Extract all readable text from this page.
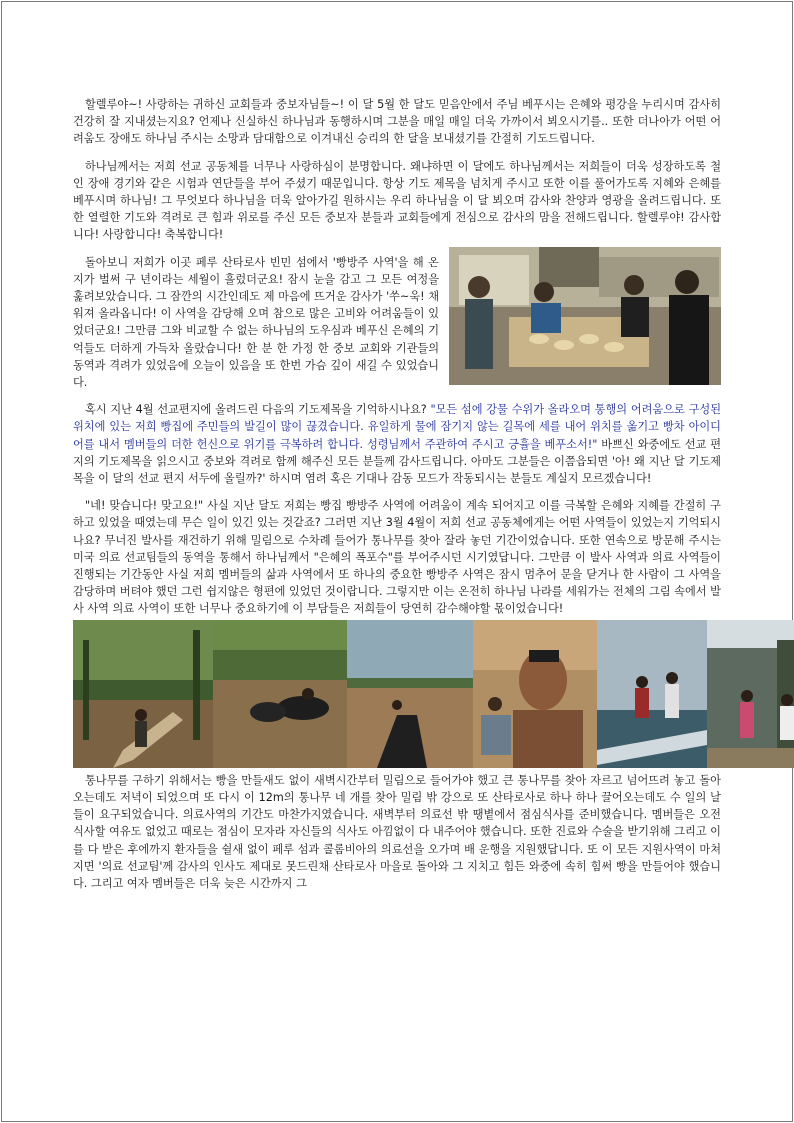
할렐루야~! 사랑하는 귀하신 교회들과 중보자님들~! 이 달 5월 한 달도 믿음안에서 주님 베푸시는 은혜와 평강을 누리시며 감사히 건강히 잘 지내셨는지요? 언제나 신실하신 하나님과 동행하시며 그분을 매일 매일 더욱 가까이서 뵈오시기를.. 또한 더나아가 어떤 어려움도 장애도 하나님 주시는 소망과 담대함으로 이겨내신 승리의 한 달을 보내셨기를 간절히 기도드립니다.

하나님께서는 저희 선교 공동체를 너무나 사랑하심이 분명합니다. 왜냐하면 이 달에도 하나님께서는 저희들이 더욱 성장하도록 철인 장애 경기와 같은 시험과 연단들을 부어 주셨기 때문입니다. 항상 기도 제목을 넘치게 주시고 또한 이를 풀어가도록 지혜와 은혜를 베푸시며 하나님! 그 무엇보다 하나님을 더욱 알아가길 원하시는 우리 하나님을 이 달 뵈오며 감사와 찬양과 영광을 올려드립니다. 또한 열렬한 기도와 격려로 큰 힘과 위로를 주신 모든 중보자 분들과 교회들에게 전심으로 감사의 맘을 전해드립니다. 할렐루야! 감사합니다! 사랑합니다! 축복합니다!

돌아보니 저희가 이곳 페루 산타로사 빈민 섬에서 '빵방주 사역'을 해 온지가 벌써 구 년이라는 세월이 흘렀더군요! 잠시 눈을 감고 그 모든 여정을 훑려보았습니다. 그 잠깐의 시간인데도 제 마음에 뜨거운 감사가 '쑤~욱! 채워져 올라옵니다! 이 사역을 감당해 오며 참으로 많은 고비와 어려움들이 있었더군요! 그만큼 그와 비교할 수 없는 하나님의 도우심과 베푸신 은혜의 기억들도 더하게 가득차 올랐습니다! 한 분 한 가정 한 중보 교회와 기관들의 동역과 격려가 있었음에 오늘이 있음을 또 한번 가슴 깊이 새길 수 있었습니다.

혹시 지난 4월 선교편지에 올려드린 다음의 기도제목을 기억하시나요? "모든 섬에 강물 수위가 올라오며 통행의 어려움으로 구성된 위치에 있는 저희 빵집에 주민들의 발길이 많이 끊겼습니다. 유일하게 물에 잠기지 않는 길목에 세를 내어 위치를 옮기고 빵차 아이디어를 내서 멤버들의 더한 헌신으로 위기를 극복하려 합니다. 성령님께서 주관하여 주시고 긍휼을 베푸소서!" 바쁘신 와중에도 선교 편지의 기도제목을 읽으시고 중보와 격려로 함께 해주신 모든 분들께 감사드립니다. 아마도 그분들은 이쯤읍되면 '아! 왜 지난 달 기도제목을 이 달의 선교 편지 서두에 올릴까?' 하시며 염려 혹은 기대나 감동 모드가 작동되시는 분들도 계실지 모르겠습니다!

"네! 맞습니다! 맞고요!" 사실 지난 달도 저희는 빵집 빵방주 사역에 어려움이 계속 되어지고 이를 극복할 은혜와 지혜를 간절히 구하고 있었을 때였는데 무슨 일이 있긴 있는 것같죠? 그러면 지난 3월 4월이 저희 선교 공동체에게는 어떤 사역들이 있었는지 기억되시나요? 무너진 발사를 재건하기 위해 밀림으로 수차례 들어가 통나무를 찾아 잘라 놓던 기간이었습니다. 또한 연속으로 방문해 주시는 미국 의료 선교팀들의 동역을 통해서 하나님께서 "은혜의 폭포수"를 부어주시던 시기였답니다. 그만큼 이 발사 사역과 의료 사역들이 진행되는 기간동안 사실 저희 멤버들의 삶과 사역에서 또 하나의 중요한 빵방주 사역은 잠시 멈추어 문을 닫거나 한 사람이 그 사역을 감당하며 버텨야 했던 그런 쉽지않은 형편에 있었던 것이랍니다. 그렇지만 이는 온전히 하나님 나라를 세워가는 전체의 그림 속에서 발사 사역 의료 사역이 또한 너무나 중요하기에 이 부담들은 저희들이 당연히 감수해야할 몫이었습니다!

통나무를 구하기 위해서는 빵을 만들새도 없이 새벽시간부터 밀림으로 들어가야 했고 큰 통나무를 찾아 자르고 넘어뜨려 놓고 돌아오는데도 저녁이 되었으며 또 다시 이 12m의 통나무 네 개를 찾아 밀림 밖 강으로 또 산타로사로 하나 하나 끌어오는데도 수 일의 날들이 요구되었습니다. 의료사역의 기간도 마찬가지였습니다. 새벽부터 의료선 밖 땡볕에서 점심식사를 준비했습니다. 멤버들은 오전 식사할 여유도 없었고 때로는 점심이 모자라 자신들의 식사도 아낌없이 다 내주어야 했습니다. 또한 진료와 수술을 받기위해 그리고 이를 다 받은 후에까지 환자들을 쉴새 없이 페루 섬과 콜롬비아의 의료선을 오가며 배 운행을 지원했답니다. 또 이 모든 지원사역이 마쳐지면 '의료 선교팀'께 감사의 인사도 제대로 못드린채 산타로사 마을로 돌아와 그 지치고 힘든 와중에 속히 힘써 빵을 만들어야 했습니다. 그리고 여자 멤버들은 더욱 늦은 시간까지 그
